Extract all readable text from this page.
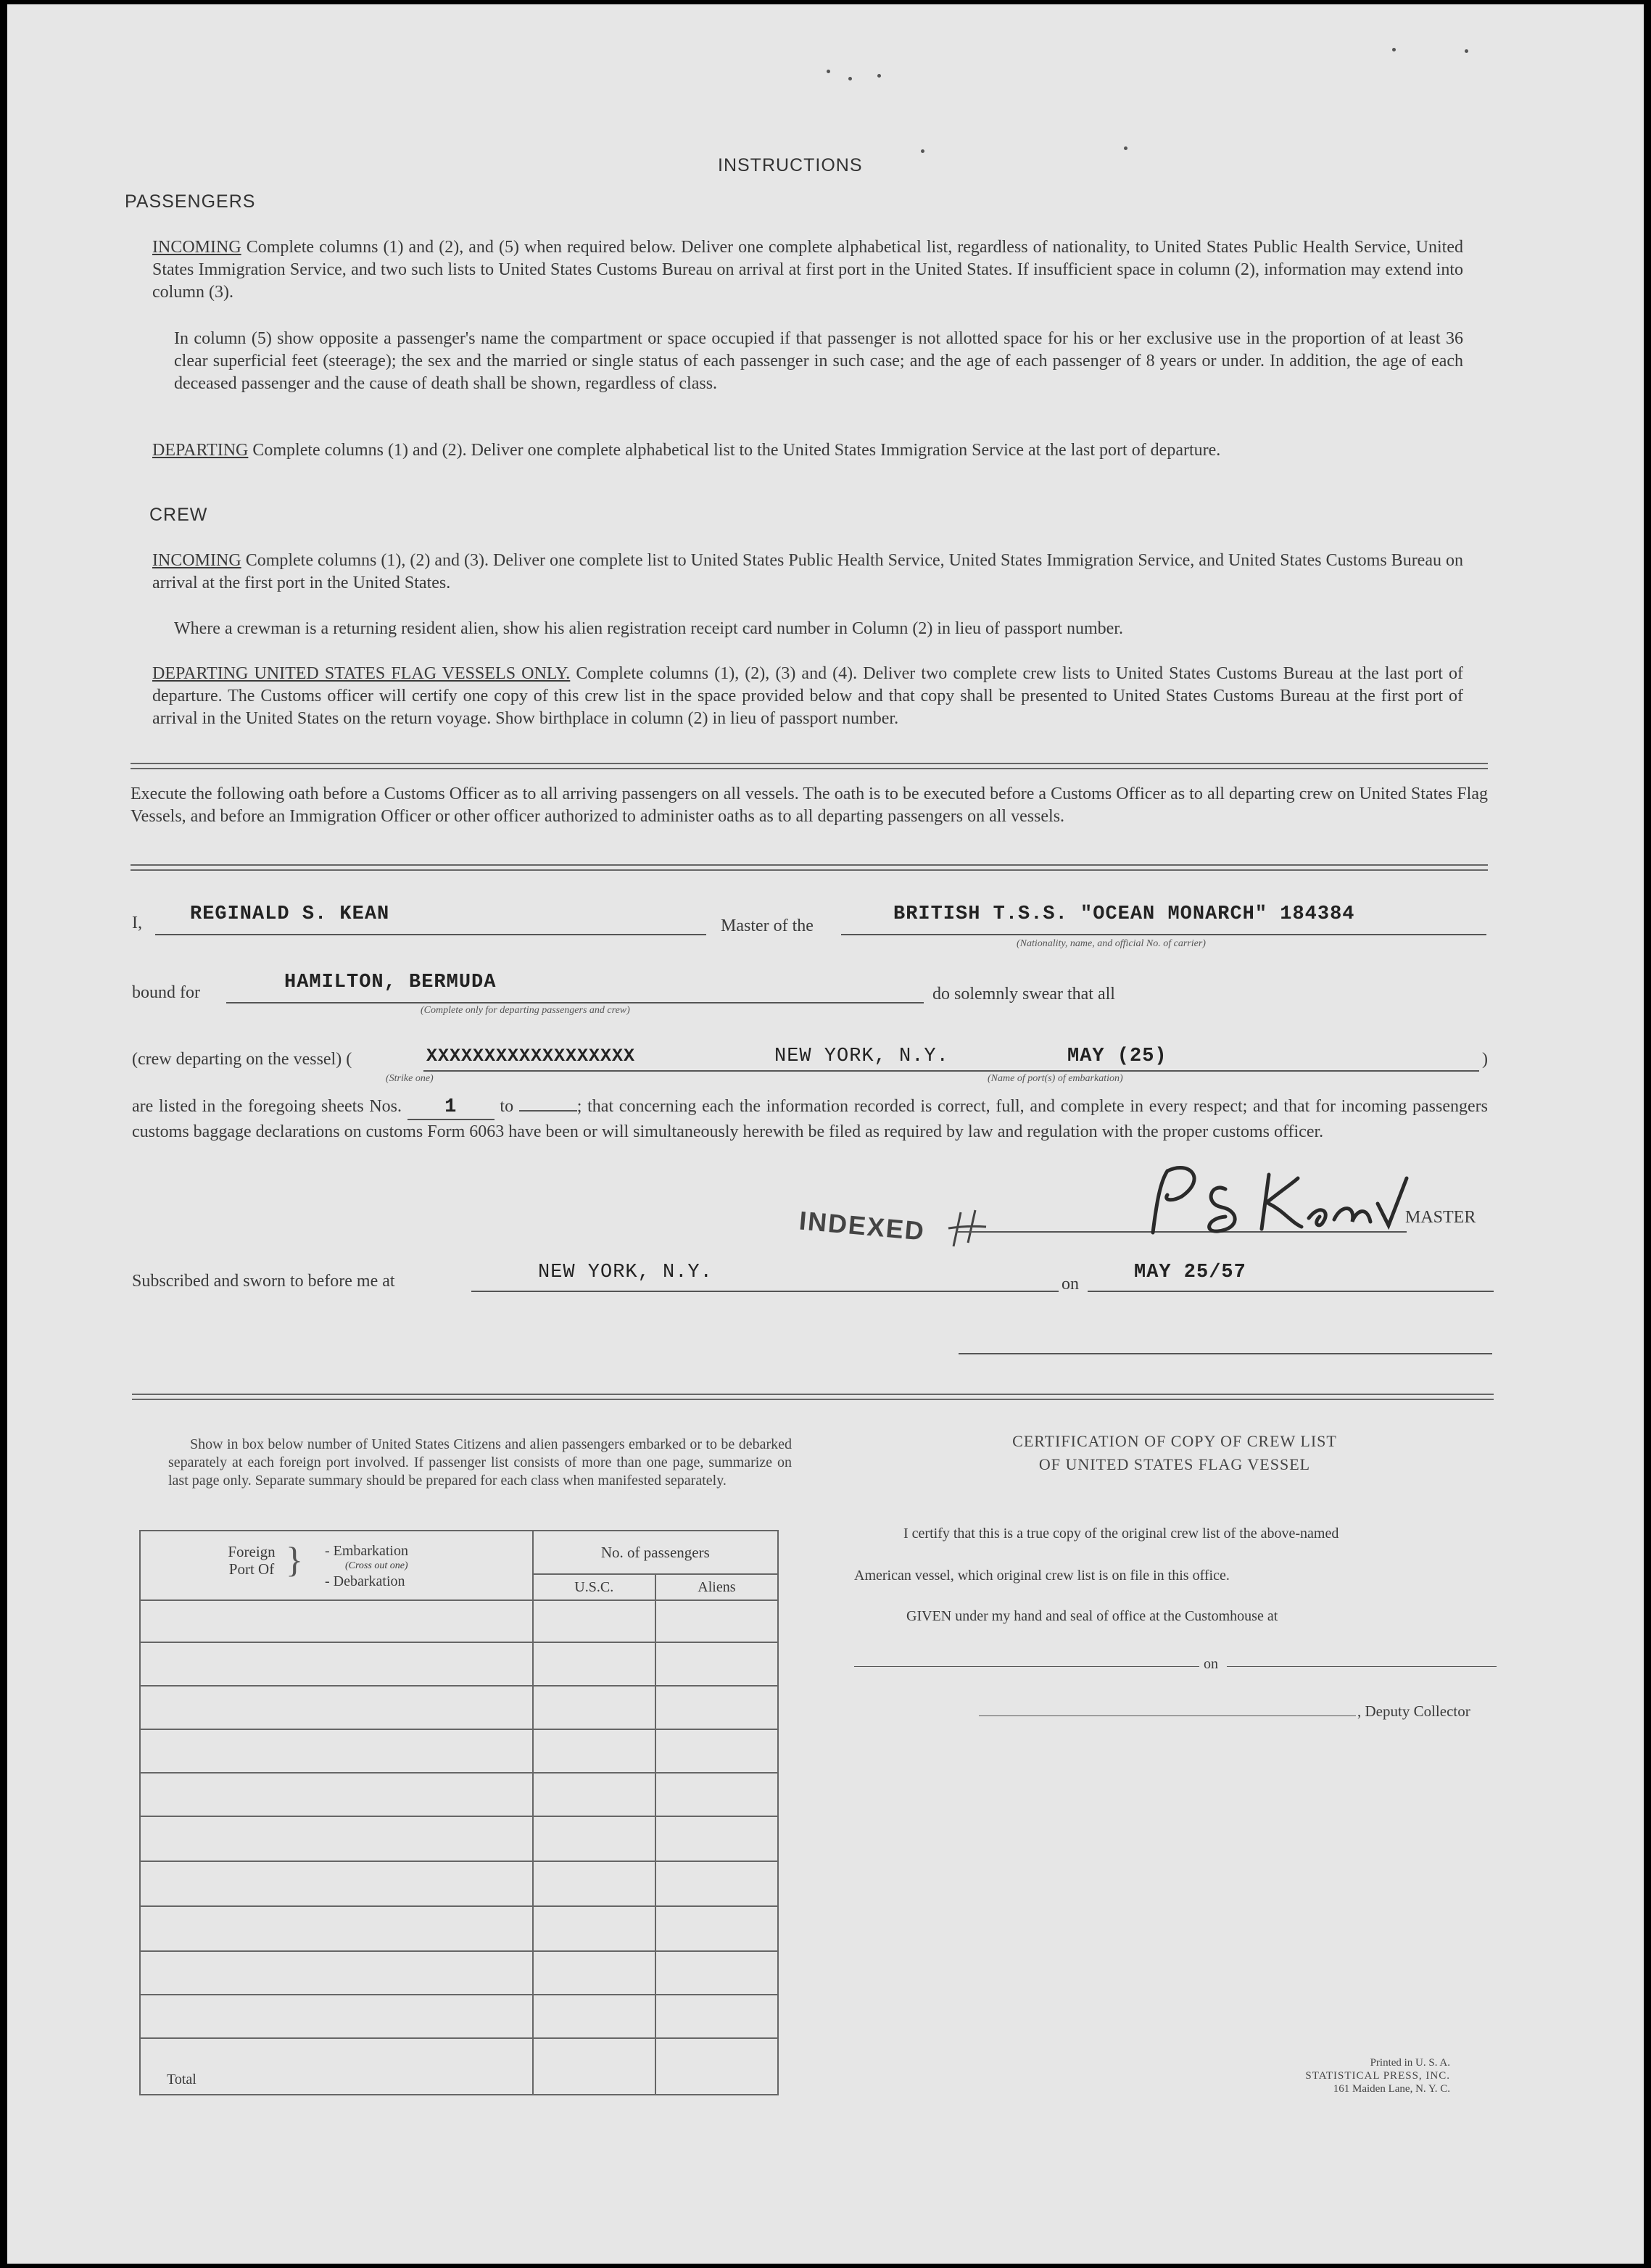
INSTRUCTIONS
PASSENGERS
INCOMING Complete columns (1) and (2), and (5) when required below. Deliver one complete alphabetical list, regardless of nationality, to United States Public Health Service, United States Immigration Service, and two such lists to United States Customs Bureau on arrival at first port in the United States. If insufficient space in column (2), information may extend into column (3).
In column (5) show opposite a passenger's name the compartment or space occupied if that passenger is not allotted space for his or her exclusive use in the proportion of at least 36 clear superficial feet (steerage); the sex and the married or single status of each passenger in such case; and the age of each passenger of 8 years or under. In addition, the age of each deceased passenger and the cause of death shall be shown, regardless of class.
DEPARTING Complete columns (1) and (2). Deliver one complete alphabetical list to the United States Immigration Service at the last port of departure.
CREW
INCOMING Complete columns (1), (2) and (3). Deliver one complete list to United States Public Health Service, United States Immigration Service, and United States Customs Bureau on arrival at the first port in the United States.
Where a crewman is a returning resident alien, show his alien registration receipt card number in Column (2) in lieu of passport number.
DEPARTING UNITED STATES FLAG VESSELS ONLY. Complete columns (1), (2), (3) and (4). Deliver two complete crew lists to United States Customs Bureau at the last port of departure. The Customs officer will certify one copy of this crew list in the space provided below and that copy shall be presented to United States Customs Bureau at the first port of arrival in the United States on the return voyage. Show birthplace in column (2) in lieu of passport number.
Execute the following oath before a Customs Officer as to all arriving passengers on all vessels. The oath is to be executed before a Customs Officer as to all departing crew on United States Flag Vessels, and before an Immigration Officer or other officer authorized to administer oaths as to all departing passengers on all vessels.
I, REGINALD S. KEAN
Master of the
BRITISH T.S.S. "OCEAN MONARCH" 184384
(Nationality, name, and official No. of carrier)
bound for	HAMILTON, BERMUDA
(Complete only for departing passengers and crew)
do solemnly swear that all
(crew departing on the vessel) (	XXXXXXXXXXXXXXXXXX
(Strike one)
NEW YORK, N.Y.	MAY (25)
(Name of port(s) of embarkation)
)
are listed in the foregoing sheets Nos. 1 to	; that concerning each the information recorded is correct, full, and complete in every respect; and that for incoming passengers customs baggage declarations on customs Form 6063 have been or will simultaneously herewith be filed as required by law and regulation with the proper customs officer.
INDEXED	MASTER
Subscribed and sworn to before me at	NEW YORK, N.Y.
on
MAY 25/57
Show in box below number of United States Citizens and alien passengers embarked or to be debarked separately at each foreign port involved. If passenger list consists of more than one page, summarize on last page only. Separate summary should be prepared for each class when manifested separately.
Foreign Port Of } - Embarkation
(Cross out one)
- Debarkation	No. of passengers	
	U.S.C.	Aliens

Total		
CERTIFICATION OF COPY OF CREW LIST
OF UNITED STATES FLAG VESSEL
I certify that this is a true copy of the original crew list of the above-named
American vessel, which original crew list is on file in this office.
GIVEN under my hand and seal of office at the Customhouse at
on
, Deputy Collector
Printed in U. S. A.
STATISTICAL PRESS, INC.
161 Maiden Lane, N. Y. C.
